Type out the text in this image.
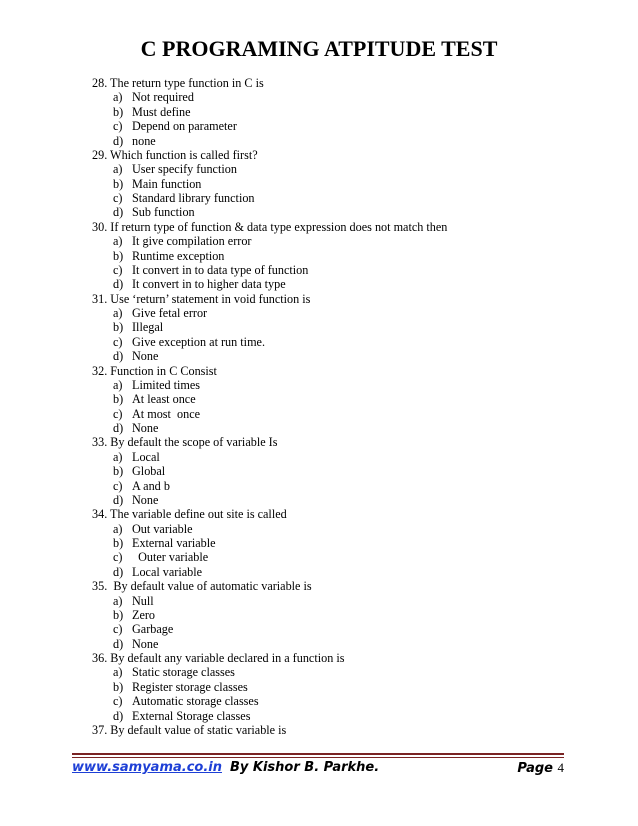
C PROGRAMING ATPITUDE TEST
28. The return type function in C is
a) Not required
b) Must define
c) Depend on parameter
d) none
29. Which function is called first?
a) User specify function
b) Main function
c) Standard library function
d) Sub function
30. If return type of function & data type expression does not match then
a) It give compilation error
b) Runtime exception
c) It convert in to data type of function
d) It convert in to higher data type
31. Use ‘return’ statement in void function is
a) Give fetal error
b) Illegal
c) Give exception at run time.
d) None
32. Function in C Consist
a) Limited times
b) At least once
c) At most  once
d) None
33. By default the scope of variable Is
a) Local
b) Global
c) A and b
d) None
34. The variable define out site is called
a) Out variable
b) External variable
c)  Outer variable
d) Local variable
35.  By default value of automatic variable is
a) Null
b) Zero
c) Garbage
d) None
36. By default any variable declared in a function is
a) Static storage classes
b) Register storage classes
c) Automatic storage classes
d) External Storage classes
37. By default value of static variable is
www.samyama.co.in By Kishor B. Parkhe.	Page 4
